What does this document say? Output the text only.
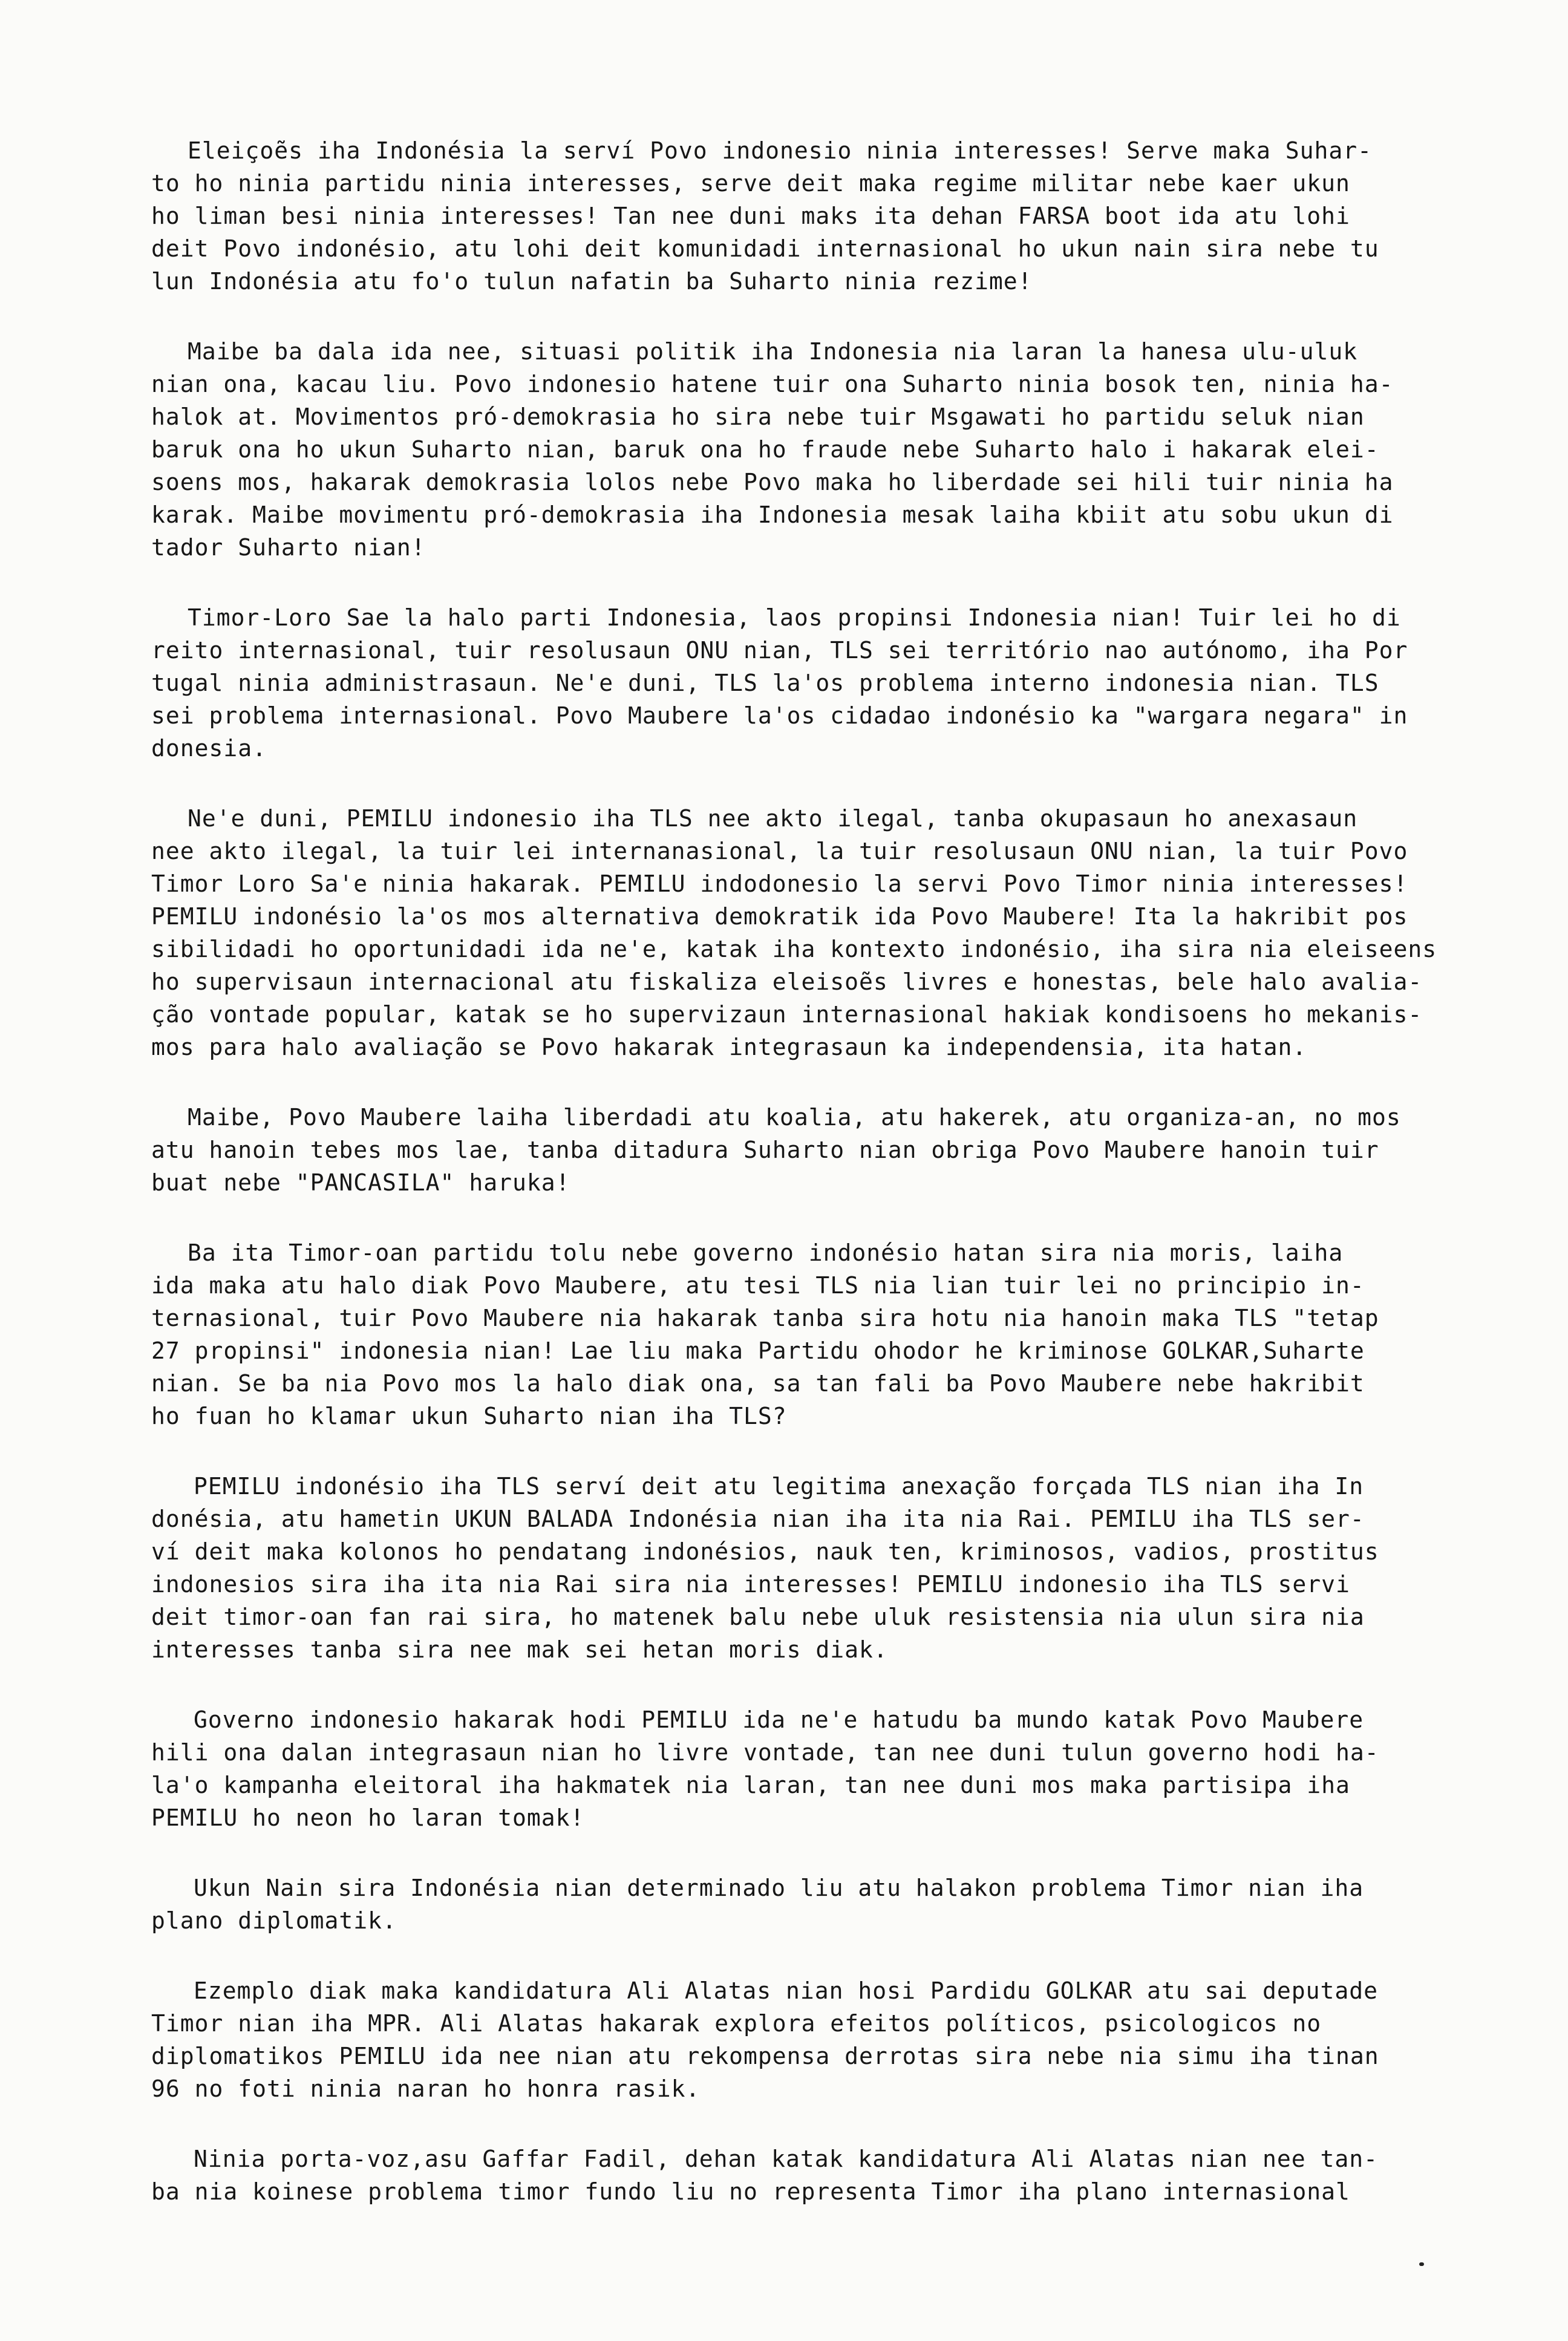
Eleiçoẽs iha Indonésia la serví Povo indonesio ninia interesses! Serve maka Suhar-
to ho ninia partidu ninia interesses, serve deit maka regime militar nebe kaer ukun
ho liman besi ninia interesses! Tan nee duni maks ita dehan FARSA boot ida atu lohi
deit Povo indonésio, atu lohi deit komunidadi internasional ho ukun nain sira nebe tu
lun Indonésia atu fo'o tulun nafatin ba Suharto ninia rezime!
Maibe ba dala ida nee, situasi politik iha Indonesia nia laran la hanesa ulu-uluk
nian ona, kacau liu. Povo indonesio hatene tuir ona Suharto ninia bosok ten, ninia ha-
halok at. Movimentos pró-demokrasia ho sira nebe tuir Msgawati ho partidu seluk nian
baruk ona ho ukun Suharto nian, baruk ona ho fraude nebe Suharto halo i hakarak elei-
soens mos, hakarak demokrasia lolos nebe Povo maka ho liberdade sei hili tuir ninia ha
karak. Maibe movimentu pró-demokrasia iha Indonesia mesak laiha kbiit atu sobu ukun di
tador Suharto nian!
Timor-Loro Sae la halo parti Indonesia, laos propinsi Indonesia nian! Tuir lei ho di
reito internasional, tuir resolusaun ONU nian, TLS sei território nao autónomo, iha Por
tugal ninia administrasaun. Ne'e duni, TLS la'os problema interno indonesia nian. TLS
sei problema internasional. Povo Maubere la'os cidadao indonésio ka "wargara negara" in
donesia.
Ne'e duni, PEMILU indonesio iha TLS nee akto ilegal, tanba okupasaun ho anexasaun
nee akto ilegal, la tuir lei internanasional, la tuir resolusaun ONU nian, la tuir Povo
Timor Loro Sa'e ninia hakarak. PEMILU indodonesio la servi Povo Timor ninia interesses!
PEMILU indonésio la'os mos alternativa demokratik ida Povo Maubere! Ita la hakribit pos
sibilidadi ho oportunidadi ida ne'e, katak iha kontexto indonésio, iha sira nia eleiseens
ho supervisaun internacional atu fiskaliza eleisoẽs livres e honestas, bele halo avalia-
ção vontade popular, katak se ho supervizaun internasional hakiak kondisoens ho mekanis-
mos para halo avaliação se Povo hakarak integrasaun ka independensia, ita hatan.
Maibe, Povo Maubere laiha liberdadi atu koalia, atu hakerek, atu organiza-an, no mos
atu hanoin tebes mos lae, tanba ditadura Suharto nian obriga Povo Maubere hanoin tuir
buat nebe "PANCASILA" haruka!
Ba ita Timor-oan partidu tolu nebe governo indonésio hatan sira nia moris, laiha
ida maka atu halo diak Povo Maubere, atu tesi TLS nia lian tuir lei no principio in-
ternasional, tuir Povo Maubere nia hakarak tanba sira hotu nia hanoin maka TLS "tetap
27 propinsi" indonesia nian! Lae liu maka Partidu ohodor he kriminose GOLKAR,Suharte
nian. Se ba nia Povo mos la halo diak ona, sa tan fali ba Povo Maubere nebe hakribit
ho fuan ho klamar ukun Suharto nian iha TLS?
PEMILU indonésio iha TLS serví deit atu legitima anexação forçada TLS nian iha In
donésia, atu hametin UKUN BALADA Indonésia nian iha ita nia Rai. PEMILU iha TLS ser-
ví deit maka kolonos ho pendatang indonésios, nauk ten, kriminosos, vadios, prostitus
indonesios sira iha ita nia Rai sira nia interesses! PEMILU indonesio iha TLS servi
deit timor-oan fan rai sira, ho matenek balu nebe uluk resistensia nia ulun sira nia
interesses tanba sira nee mak sei hetan moris diak.
Governo indonesio hakarak hodi PEMILU ida ne'e hatudu ba mundo katak Povo Maubere
hili ona dalan integrasaun nian ho livre vontade, tan nee duni tulun governo hodi ha-
la'o kampanha eleitoral iha hakmatek nia laran, tan nee duni mos maka partisipa iha
PEMILU ho neon ho laran tomak!
Ukun Nain sira Indonésia nian determinado liu atu halakon problema Timor nian iha
plano diplomatik.
Ezemplo diak maka kandidatura Ali Alatas nian hosi Pardidu GOLKAR atu sai deputade
Timor nian iha MPR. Ali Alatas hakarak explora efeitos políticos, psicologicos no
diplomatikos PEMILU ida nee nian atu rekompensa derrotas sira nebe nia simu iha tinan
96 no foti ninia naran ho honra rasik.
Ninia porta-voz,asu Gaffar Fadil, dehan katak kandidatura Ali Alatas nian nee tan-
ba nia koinese problema timor fundo liu no representa Timor iha plano internasional
